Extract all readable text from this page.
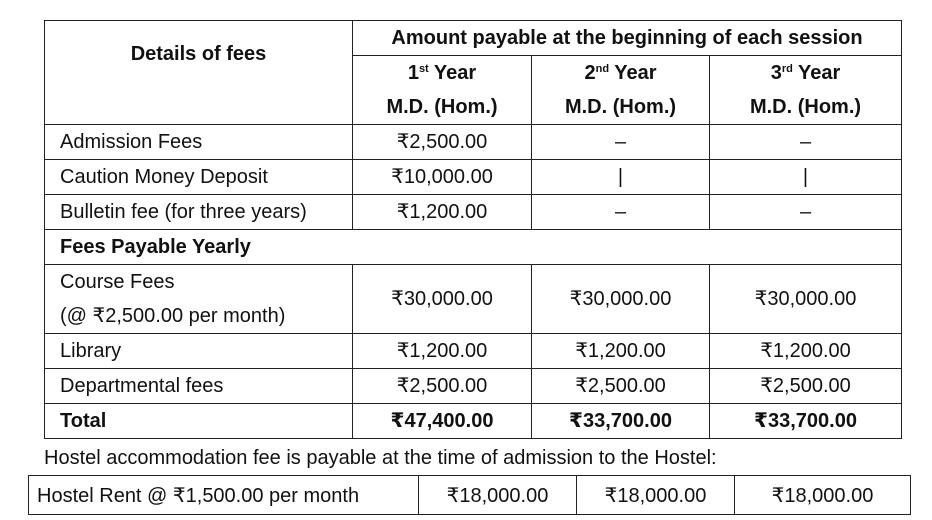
Details of fees	Amount payable at the beginning of each session		
	1st Year	2nd Year	3rd Year
	M.D. (Hom.)	M.D. (Hom.)	M.D. (Hom.)
Admission Fees	₹2,500.00	–	–
Caution Money Deposit	₹10,000.00	|	|
Bulletin fee (for three years)	₹1,200.00	–	–
Fees Payable Yearly			

Course Fees
(@ ₹2,500.00 per month)	₹30,000.00	₹30,000.00	₹30,000.00
Library	₹1,200.00	₹1,200.00	₹1,200.00
Departmental fees	₹2,500.00	₹2,500.00	₹2,500.00
Total	₹47,400.00	₹33,700.00	₹33,700.00
Hostel accommodation fee is payable at the time of admission to the Hostel:
Hostel Rent @ ₹1,500.00 per month	₹18,000.00	₹18,000.00	₹18,000.00
